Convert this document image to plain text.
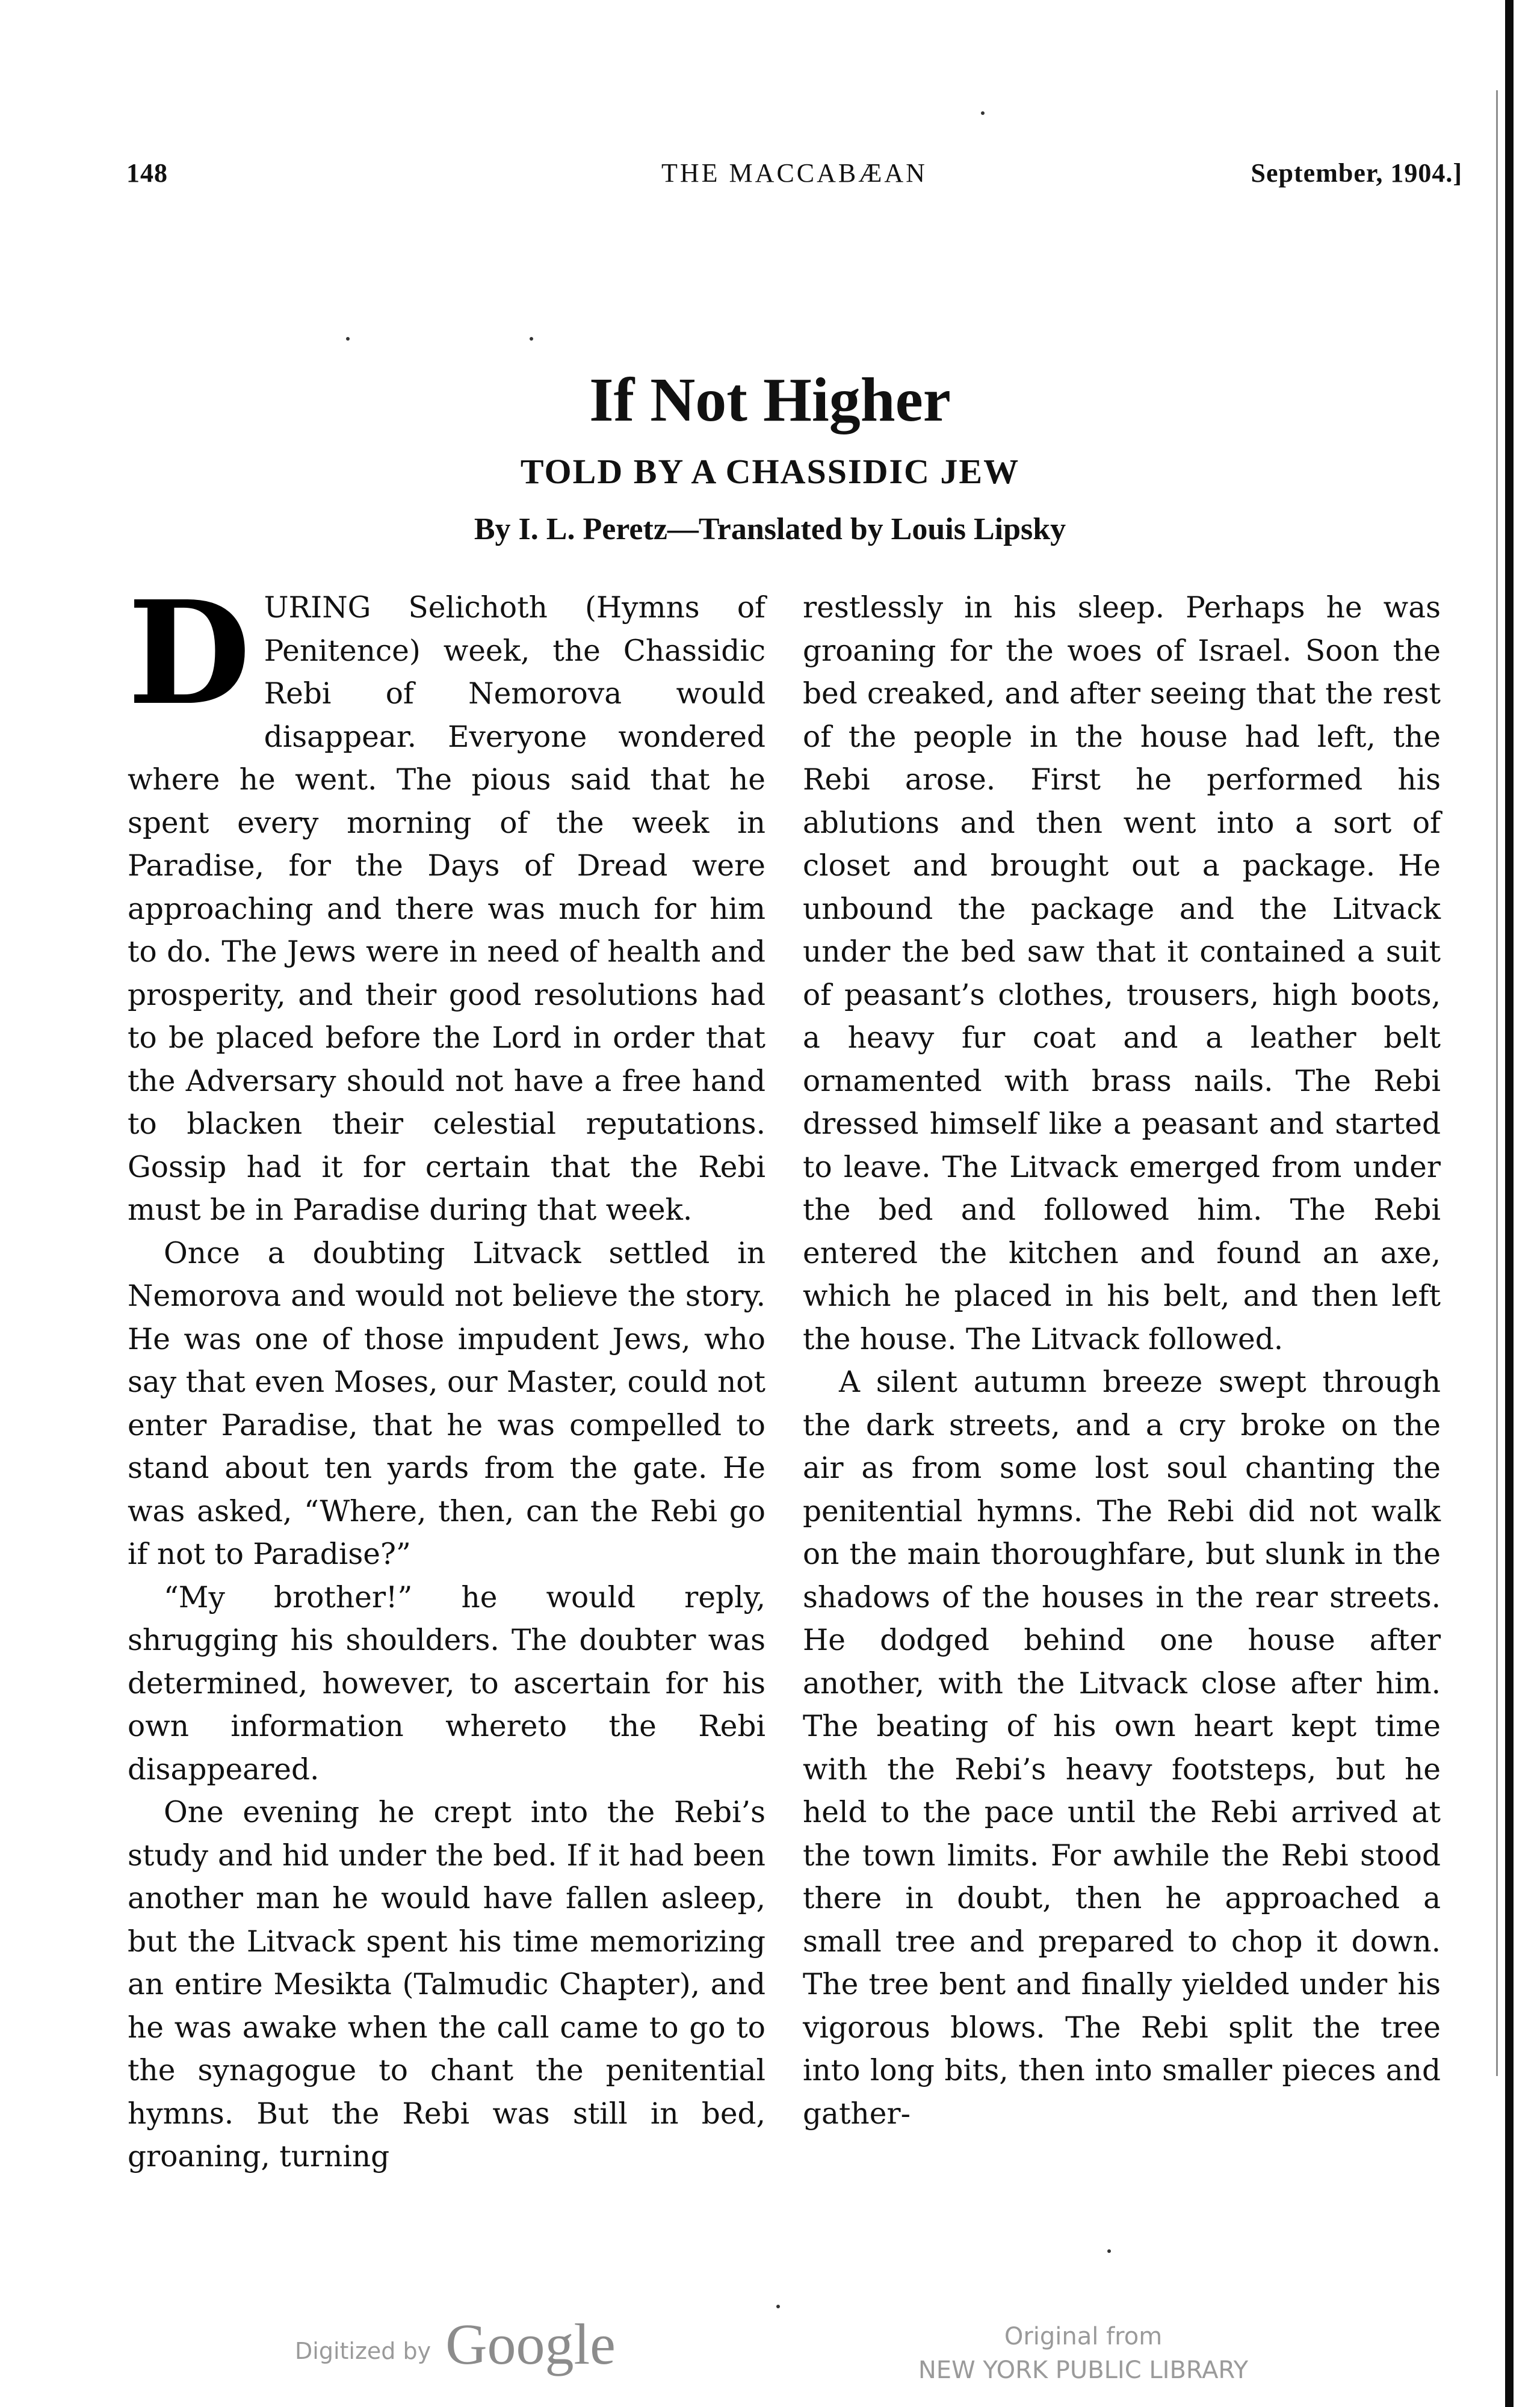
148	THE MACCABÆAN	September, 1904.]
If Not Higher
TOLD BY A CHASSIDIC JEW
By I. L. Peretz—Translated by Louis Lipsky

DURING Selichoth (Hymns of Penitence) week, the Chassidic Rebi of Nemorova would disappear. Everyone wondered where he went. The pious said that he spent every morning of the week in Paradise, for the Days of Dread were approaching and there was much for him to do. The Jews were in need of health and prosperity, and their good resolutions had to be placed before the Lord in order that the Adversary should not have a free hand to blacken their celestial reputations. Gossip had it for certain that the Rebi must be in Paradise during that week.

Once a doubting Litvack settled in Nemorova and would not believe the story. He was one of those impudent Jews, who say that even Moses, our Master, could not enter Paradise, that he was compelled to stand about ten yards from the gate. He was asked, “Where, then, can the Rebi go if not to Paradise?”

“My brother!” he would reply, shrugging his shoulders. The doubter was determined, however, to ascertain for his own information whereto the Rebi disappeared.

One evening he crept into the Rebi’s study and hid under the bed. If it had been another man he would have fallen asleep, but the Litvack spent his time memorizing an entire Mesikta (Talmudic Chapter), and he was awake when the call came to go to the synagogue to chant the penitential hymns. But the Rebi was still in bed, groaning, turning

restlessly in his sleep. Perhaps he was groaning for the woes of Israel. Soon the bed creaked, and after seeing that the rest of the people in the house had left, the Rebi arose. First he performed his ablutions and then went into a sort of closet and brought out a package. He unbound the package and the Litvack under the bed saw that it contained a suit of peasant’s clothes, trousers, high boots, a heavy fur coat and a leather belt ornamented with brass nails. The Rebi dressed himself like a peasant and started to leave. The Litvack emerged from under the bed and followed him. The Rebi entered the kitchen and found an axe, which he placed in his belt, and then left the house. The Litvack followed.

A silent autumn breeze swept through the dark streets, and a cry broke on the air as from some lost soul chanting the penitential hymns. The Rebi did not walk on the main thoroughfare, but slunk in the shadows of the houses in the rear streets. He dodged behind one house after another, with the Litvack close after him. The beating of his own heart kept time with the Rebi’s heavy footsteps, but he held to the pace until the Rebi arrived at the town limits. For awhile the Rebi stood there in doubt, then he approached a small tree and prepared to chop it down. The tree bent and finally yielded under his vigorous blows. The Rebi split the tree into long bits, then into smaller pieces and gather-

Digitized by Google	Original from
NEW YORK PUBLIC LIBRARY
